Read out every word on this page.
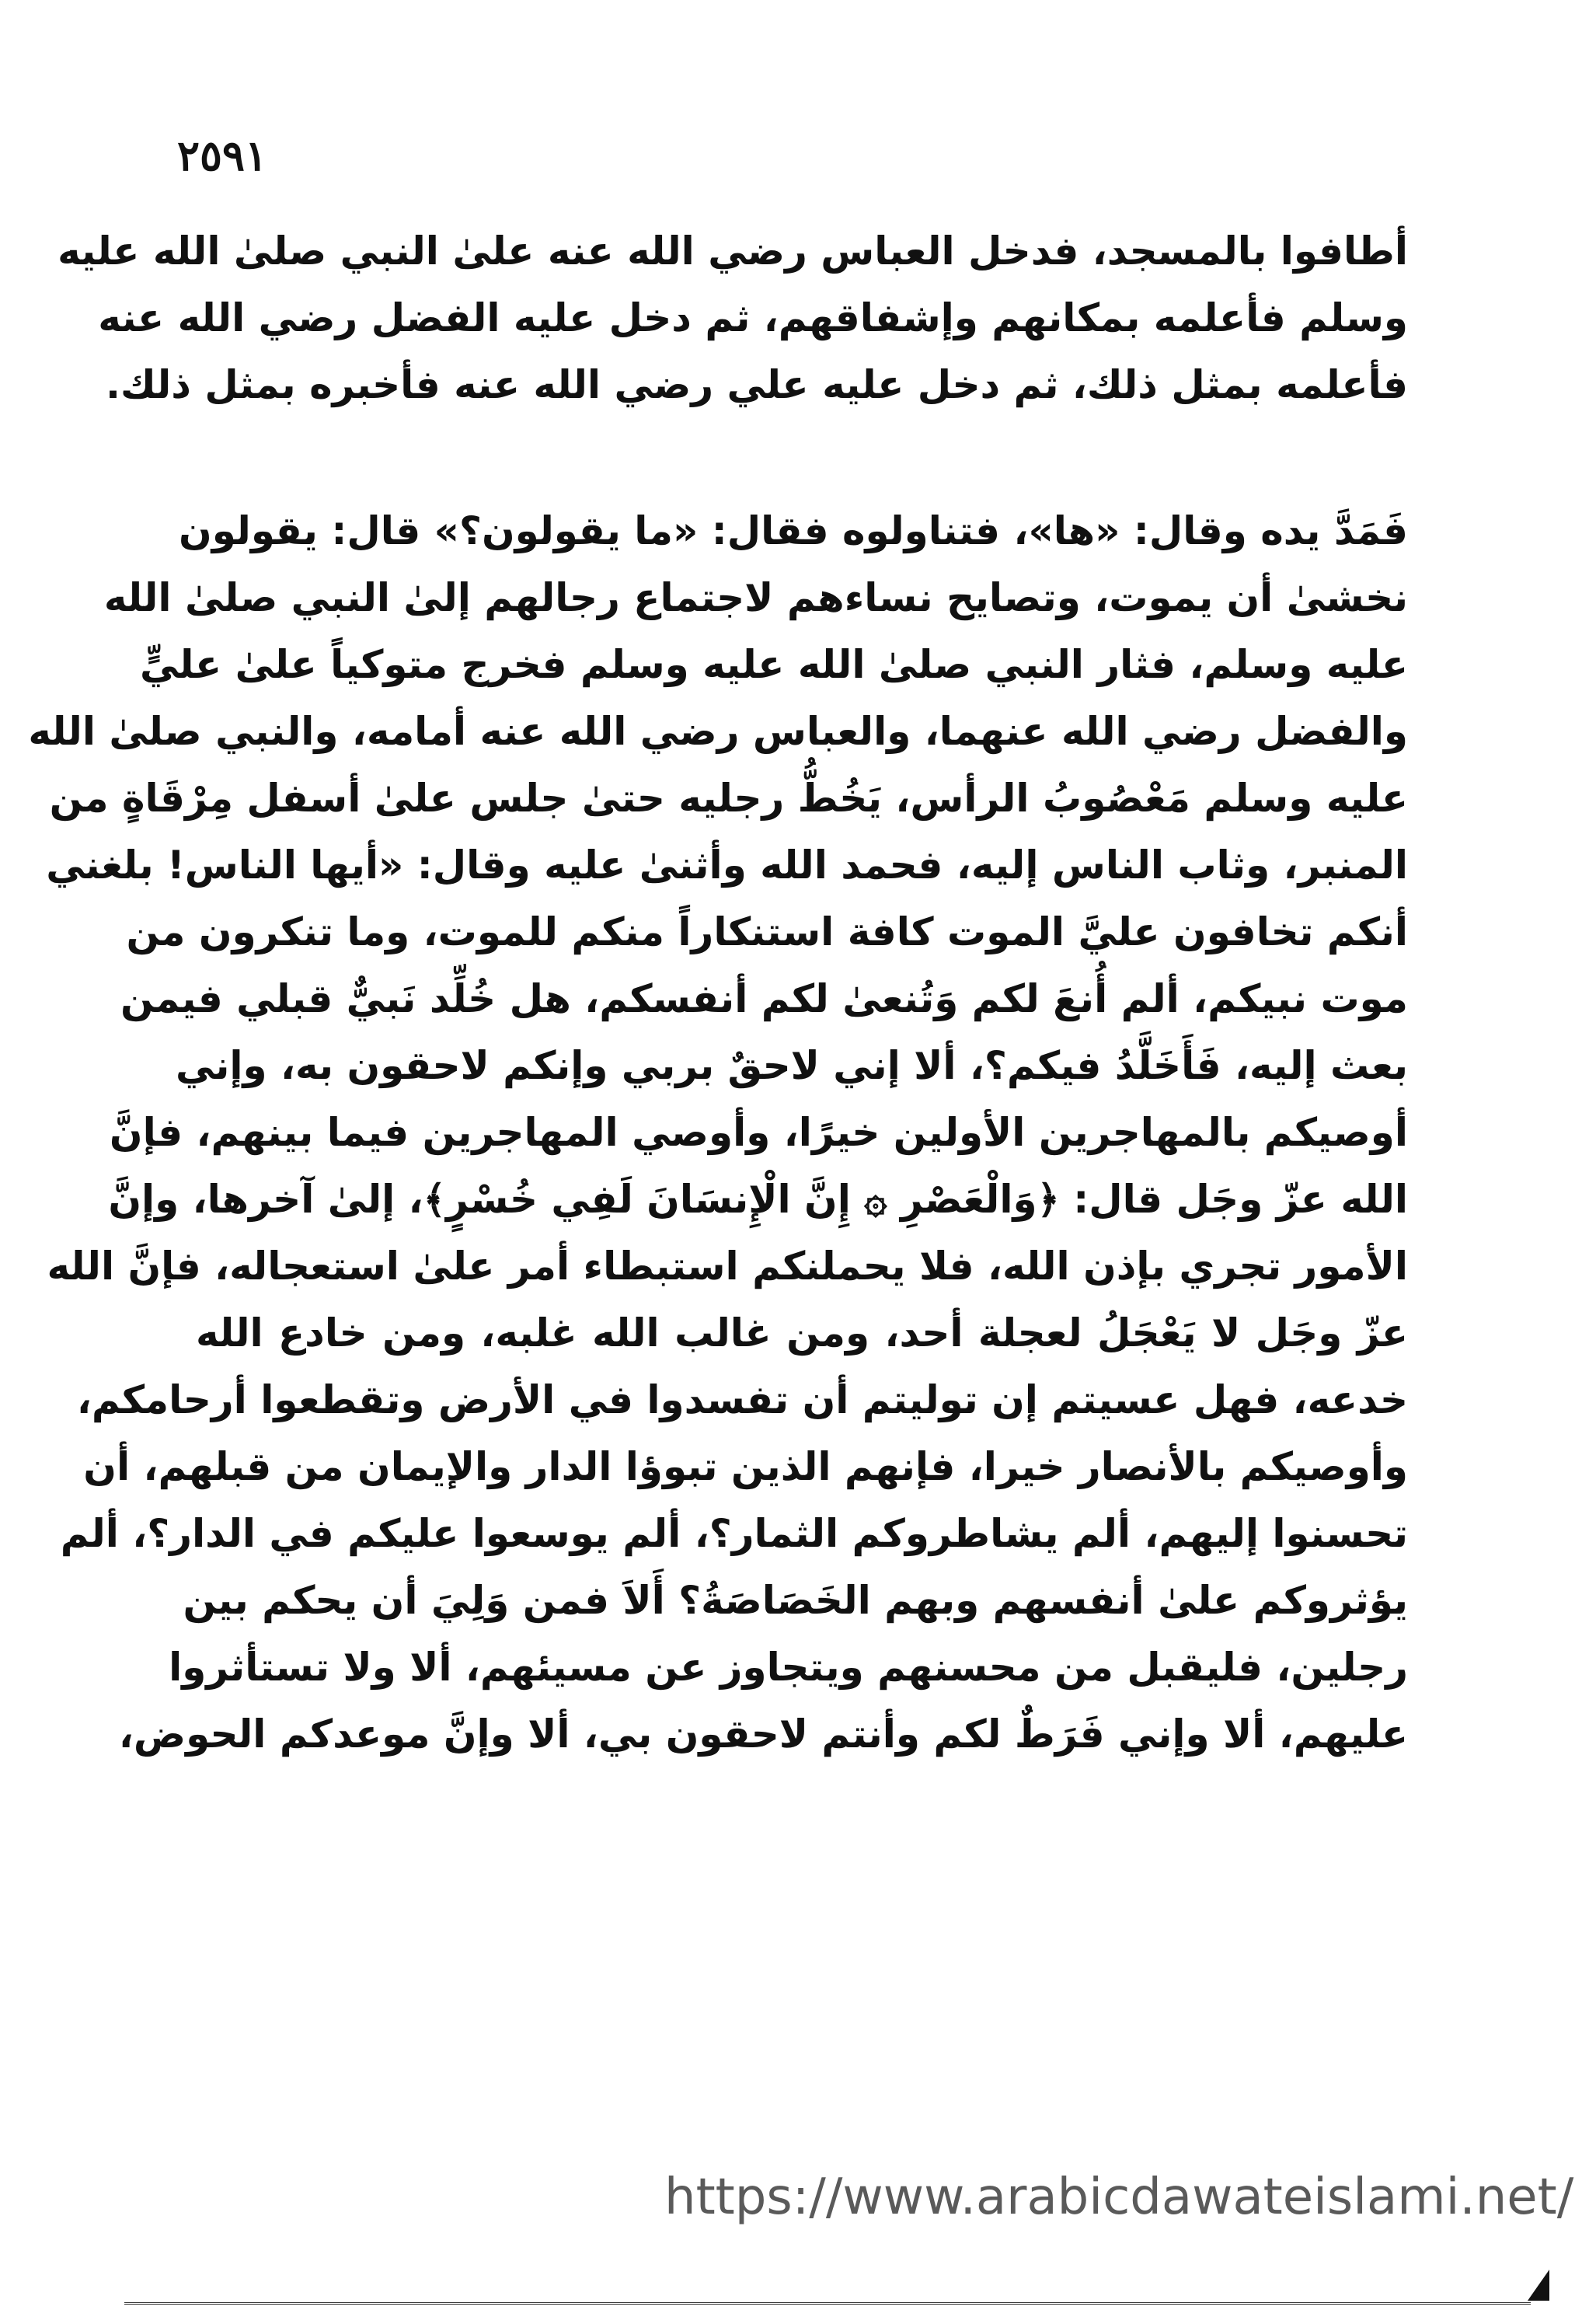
٢٥٩١
أطافوا بالمسجد، فدخل العباس رضي الله عنه علىٰ النبي صلىٰ الله عليه
وسلم فأعلمه بمكانهم وإشفاقهم، ثم دخل عليه الفضل رضي الله عنه
فأعلمه بمثل ذلك، ثم دخل عليه علي رضي الله عنه فأخبره بمثل ذلك.
فَمَدَّ يده وقال: «ها»، فتناولوه فقال: «ما يقولون؟» قال: يقولون
نخشىٰ أن يموت، وتصايح نساءهم لاجتماع رجالهم إلىٰ النبي صلىٰ الله
عليه وسلم، فثار النبي صلىٰ الله عليه وسلم فخرج متوكياً علىٰ عليٍّ
والفضل رضي الله عنهما، والعباس رضي الله عنه أمامه، والنبي صلىٰ الله
عليه وسلم مَعْصُوبُ الرأس، يَخُطُّ رجليه حتىٰ جلس علىٰ أسفل مِرْقَاةٍ من
المنبر، وثاب الناس إليه، فحمد الله وأثنىٰ عليه وقال: «أيها الناس! بلغني
أنكم تخافون عليَّ الموت كافة استنكاراً منكم للموت، وما تنكرون من
موت نبيكم، ألم أُنعَ لكم وَتُنعىٰ لكم أنفسكم، هل خُلِّد نَبيٌّ قبلي فيمن
بعث إليه، فَأَخَلَّدُ فيكم؟، ألا إني لاحقٌ بربي وإنكم لاحقون به، وإني
أوصيكم بالمهاجرين الأولين خيرًا، وأوصي المهاجرين فيما بينهم، فإنَّ
الله عزّ وجَل قال: ﴿وَالْعَصْرِ ۞ إِنَّ الْإِنسَانَ لَفِي خُسْرٍ﴾، إلىٰ آخرها، وإنَّ
الأمور تجري بإذن الله، فلا يحملنكم استبطاء أمر علىٰ استعجاله، فإنَّ الله
عزّ وجَل لا يَعْجَلُ لعجلة أحد، ومن غالب الله غلبه، ومن خادع الله
خدعه، فهل عسيتم إن توليتم أن تفسدوا في الأرض وتقطعوا أرحامكم،
وأوصيكم بالأنصار خيرا، فإنهم الذين تبوؤا الدار والإيمان من قبلهم، أن
تحسنوا إليهم، ألم يشاطروكم الثمار؟، ألم يوسعوا عليكم في الدار؟، ألم
يؤثروكم علىٰ أنفسهم وبهم الخَصَاصَةُ؟ أَلاَ فمن وَلِيَ أن يحكم بين
رجلين، فليقبل من محسنهم ويتجاوز عن مسيئهم، ألا ولا تستأثروا
عليهم، ألا وإني فَرَطٌ لكم وأنتم لاحقون بي، ألا وإنَّ موعدكم الحوض،
https://www.arabicdawateislami.net/
